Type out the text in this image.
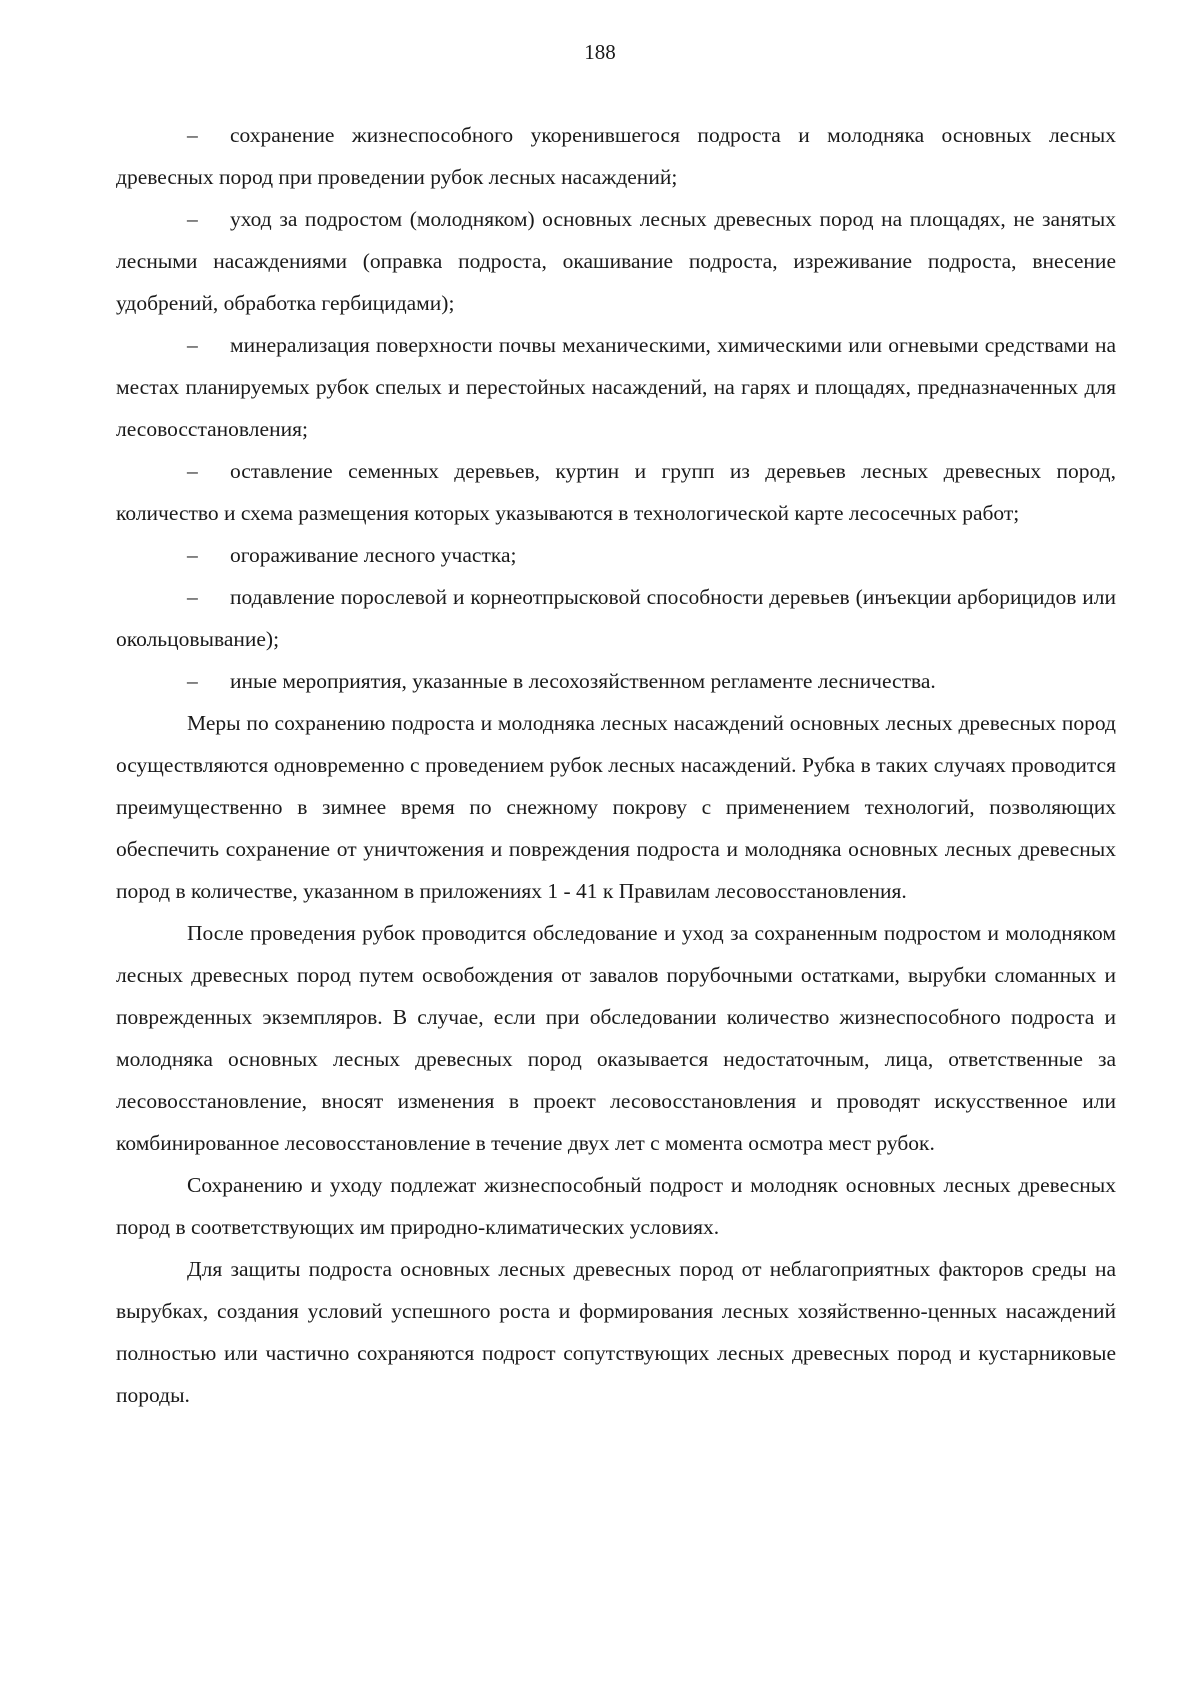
188

– сохранение жизнеспособного укоренившегося подроста и молодняка основных лесных древесных пород при проведении рубок лесных насаждений;

– уход за подростом (молодняком) основных лесных древесных пород на площадях, не занятых лесными насаждениями (оправка подроста, окашивание подроста, изреживание подроста, внесение удобрений, обработка гербицидами);

– минерализация поверхности почвы механическими, химическими или огневыми средствами на местах планируемых рубок спелых и перестойных насаждений, на гарях и площадях, предназначенных для лесовосстановления;

– оставление семенных деревьев, куртин и групп из деревьев лесных древесных пород, количество и схема размещения которых указываются в технологической карте лесосечных работ;

– огораживание лесного участка;

– подавление порослевой и корнеотпрысковой способности деревьев (инъекции арборицидов или окольцовывание);

– иные мероприятия, указанные в лесохозяйственном регламенте лесничества.

Меры по сохранению подроста и молодняка лесных насаждений основных лесных древесных пород осуществляются одновременно с проведением рубок лесных насаждений. Рубка в таких случаях проводится преимущественно в зимнее время по снежному покрову с применением технологий, позволяющих обеспечить сохранение от уничтожения и повреждения подроста и молодняка основных лесных древесных пород в количестве, указанном в приложениях 1 - 41 к Правилам лесовосстановления.

После проведения рубок проводится обследование и уход за сохраненным подростом и молодняком лесных древесных пород путем освобождения от завалов порубочными остатками, вырубки сломанных и поврежденных экземпляров. В случае, если при обследовании количество жизнеспособного подроста и молодняка основных лесных древесных пород оказывается недостаточным, лица, ответственные за лесовосстановление, вносят изменения в проект лесовосстановления и проводят искусственное или комбинированное лесовосстановление в течение двух лет с момента осмотра мест рубок.

Сохранению и уходу подлежат жизнеспособный подрост и молодняк основных лесных древесных пород в соответствующих им природно-климатических условиях.

Для защиты подроста основных лесных древесных пород от неблагоприятных факторов среды на вырубках, создания условий успешного роста и формирования лесных хозяйственно-ценных насаждений полностью или частично сохраняются подрост сопутствующих лесных древесных пород и кустарниковые породы.
